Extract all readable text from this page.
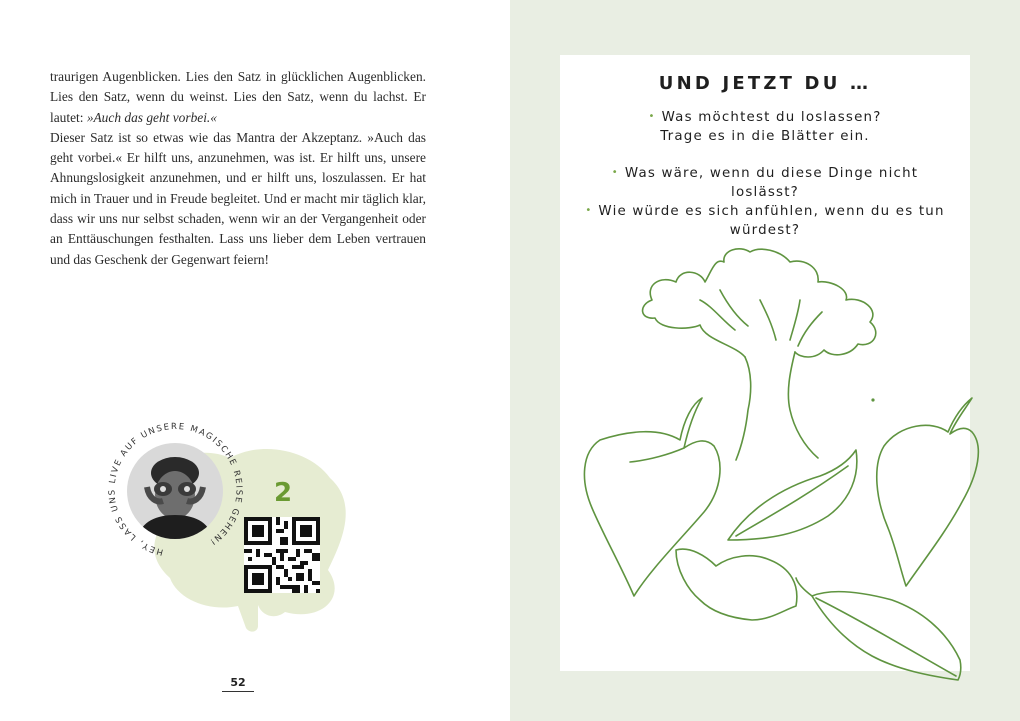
traurigen Augenblicken. Lies den Satz in glücklichen Augenblicken. Lies den Satz, wenn du weinst. Lies den Satz, wenn du lachst. Er lautet: »Auch das geht vorbei.«

Dieser Satz ist so etwas wie das Mantra der Akzeptanz. »Auch das geht vorbei.« Er hilft uns, anzunehmen, was ist. Er hilft uns, unsere Ahnungslosigkeit anzunehmen, und er hilft uns, loszulassen. Er hat mich in Trauer und in Freude begleitet. Und er macht mir täglich klar, dass wir uns nur selbst schaden, wenn wir an der Vergangenheit oder an Enttäuschungen festhalten. Lass uns lieber dem Leben vertrauen und das Geschenk der Gegenwart feiern!

HEY, LASS UNS LIVE AUF UNSERE MAGISCHE REISE GEHEN!
2
52
UND JETZT DU …
• Was möchtest du loslassen?
Trage es in die Blätter ein.
• Was wäre, wenn du diese Dinge nicht loslässt?
• Wie würde es sich anfühlen, wenn du es tun würdest?
